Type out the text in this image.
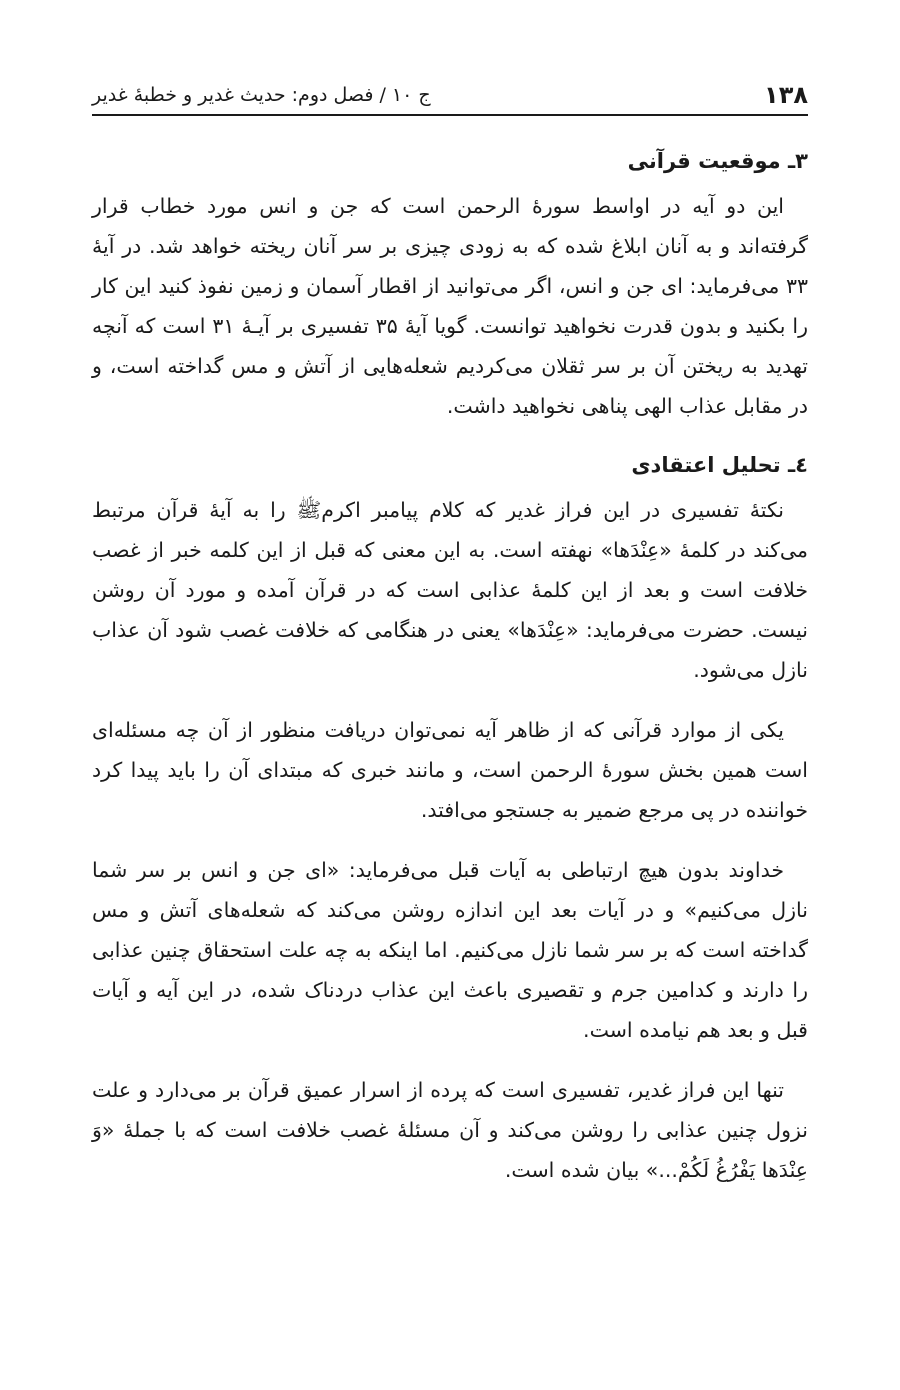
۱۳۸
ج ۱۰ / فصل دوم: حدیث غدیر و خطبهٔ غدیر
۳ـ موقعیت قرآنی

این دو آیه در اواسط سورهٔ الرحمن است که جن و انس مورد خطاب قرار گرفته‌اند و به آنان ابلاغ شده که به زودی چیزی بر سر آنان ریخته خواهد شد. در آیهٔ ۳۳ می‌فرماید: ای جن و انس، اگر می‌توانید از اقطار آسمان و زمین نفوذ کنید این کار را بکنید و بدون قدرت نخواهید توانست. گویا آیهٔ ۳۵ تفسیری بر آیـهٔ ۳۱ است که آنچه تهدید به ریختن آن بر سر ثقلان می‌کردیم شعله‌هایی از آتش و مس گداخته است، و در مقابل عذاب الهی پناهی نخواهید داشت.

٤ـ تحلیل اعتقادی

نکتهٔ تفسیری در این فراز غدیر که کلام پیامبر اکرمﷺ را به آیهٔ قرآن مرتبط می‌کند در کلمهٔ «عِنْدَها» نهفته است. به این معنی که قبل از این کلمه خبر از غصب خلافت است و بعد از این کلمهٔ عذابی است که در قرآن آمده و مورد آن روشن نیست. حضرت می‌فرماید: «عِنْدَها» یعنی در هنگامی که خلافت غصب شود آن عذاب نازل می‌شود.

یکی از موارد قرآنی که از ظاهر آیه نمی‌توان دریافت منظور از آن چه مسئله‌ای است همین بخش سورهٔ الرحمن است، و مانند خبری که مبتدای آن را باید پیدا کرد خواننده در پی مرجع ضمیر به جستجو می‌افتد.

خداوند بدون هیچ ارتباطی به آیات قبل می‌فرماید: «ای جن و انس بر سر شما نازل می‌کنیم» و در آیات بعد این اندازه روشن می‌کند که شعله‌های آتش و مس گداخته است که بر سر شما نازل می‌کنیم. اما اینکه به چه علت استحقاق چنین عذابی را دارند و کدامین جرم و تقصیری باعث این عذاب دردناک شده، در این آیه و آیات قبل و بعد هم نیامده است.

تنها این فراز غدیر، تفسیری است که پرده از اسرار عمیق قرآن بر می‌دارد و علت نزول چنین عذابی را روشن می‌کند و آن مسئلهٔ غصب خلافت است که با جملهٔ «وَ عِنْدَها یَفْرُغُ لَکُمْ...» بیان شده است.
